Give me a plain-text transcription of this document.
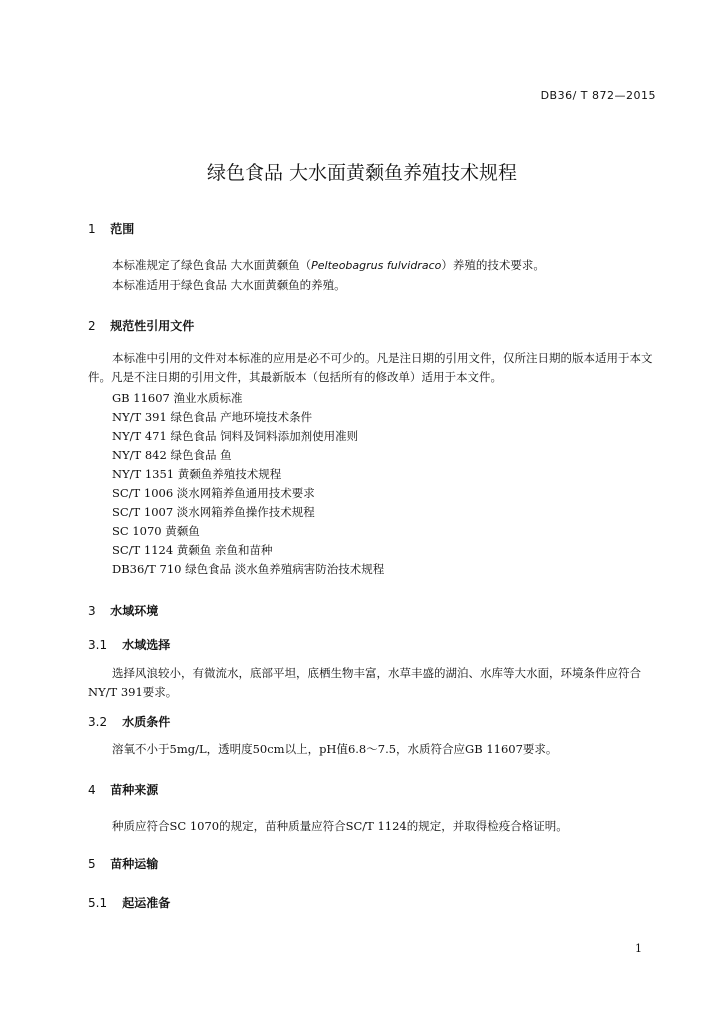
DB36/ T 872—2015
绿色食品 大水面黄颡鱼养殖技术规程
1 范围
本标准规定了绿色食品 大水面黄颡鱼（Pelteobagrus fulvidraco）养殖的技术要求。
本标准适用于绿色食品 大水面黄颡鱼的养殖。
2 规范性引用文件
本标准中引用的文件对本标准的应用是必不可少的。凡是注日期的引用文件，仅所注日期的版本适用于本文件。凡是不注日期的引用文件，其最新版本（包括所有的修改单）适用于本文件。
GB 11607 渔业水质标准
NY/T 391 绿色食品 产地环境技术条件
NY/T 471 绿色食品 饲料及饲料添加剂使用准则
NY/T 842 绿色食品 鱼
NY/T 1351 黄颡鱼养殖技术规程
SC/T 1006 淡水网箱养鱼通用技术要求
SC/T 1007 淡水网箱养鱼操作技术规程
SC 1070 黄颡鱼
SC/T 1124 黄颡鱼 亲鱼和苗种
DB36/T 710 绿色食品 淡水鱼养殖病害防治技术规程
3 水域环境
3.1 水域选择
选择风浪较小，有微流水，底部平坦，底栖生物丰富，水草丰盛的湖泊、水库等大水面，环境条件应符合NY/T 391要求。
3.2 水质条件
溶氧不小于5mg/L，透明度50cm以上，pH值6.8～7.5，水质符合应GB 11607要求。
4 苗种来源
种质应符合SC 1070的规定，苗种质量应符合SC/T 1124的规定，并取得检疫合格证明。
5 苗种运输
5.1 起运准备
1
